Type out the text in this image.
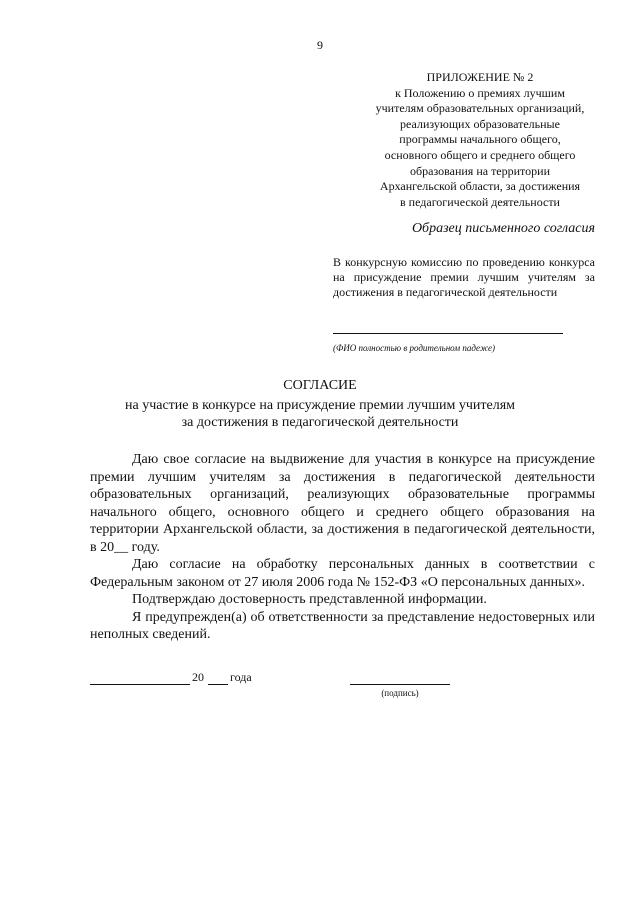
9
ПРИЛОЖЕНИЕ № 2
к Положению о премиях лучшим
учителям образовательных организаций,
реализующих образовательные
программы начального общего,
основного общего и среднего общего
образования на территории
Архангельской области, за достижения
в педагогической деятельности
Образец письменного согласия
В конкурсную комиссию по проведению конкурса на присуждение премии лучшим учителям за достижения в педагогической деятельности
(ФИО полностью в родительном падеже)
СОГЛАСИЕ
на участие в конкурсе на присуждение премии лучшим учителям
за достижения в педагогической деятельности

Даю свое согласие на выдвижение для участия в конкурсе на присуждение премии лучшим учителям за достижения в педагогической деятельности образовательных организаций, реализующих образовательные программы начального общего, основного общего и среднего общего образования на территории Архангельской области, за достижения в педагогической деятельности, в 20__ году.

Даю согласие на обработку персональных данных в соответствии с Федеральным законом от 27 июля 2006 года № 152-ФЗ «О персональных данных».

Подтверждаю достоверность представленной информации.

Я предупрежден(а) об ответственности за представление недостоверных или неполных сведений.

20 года
(подпись)
